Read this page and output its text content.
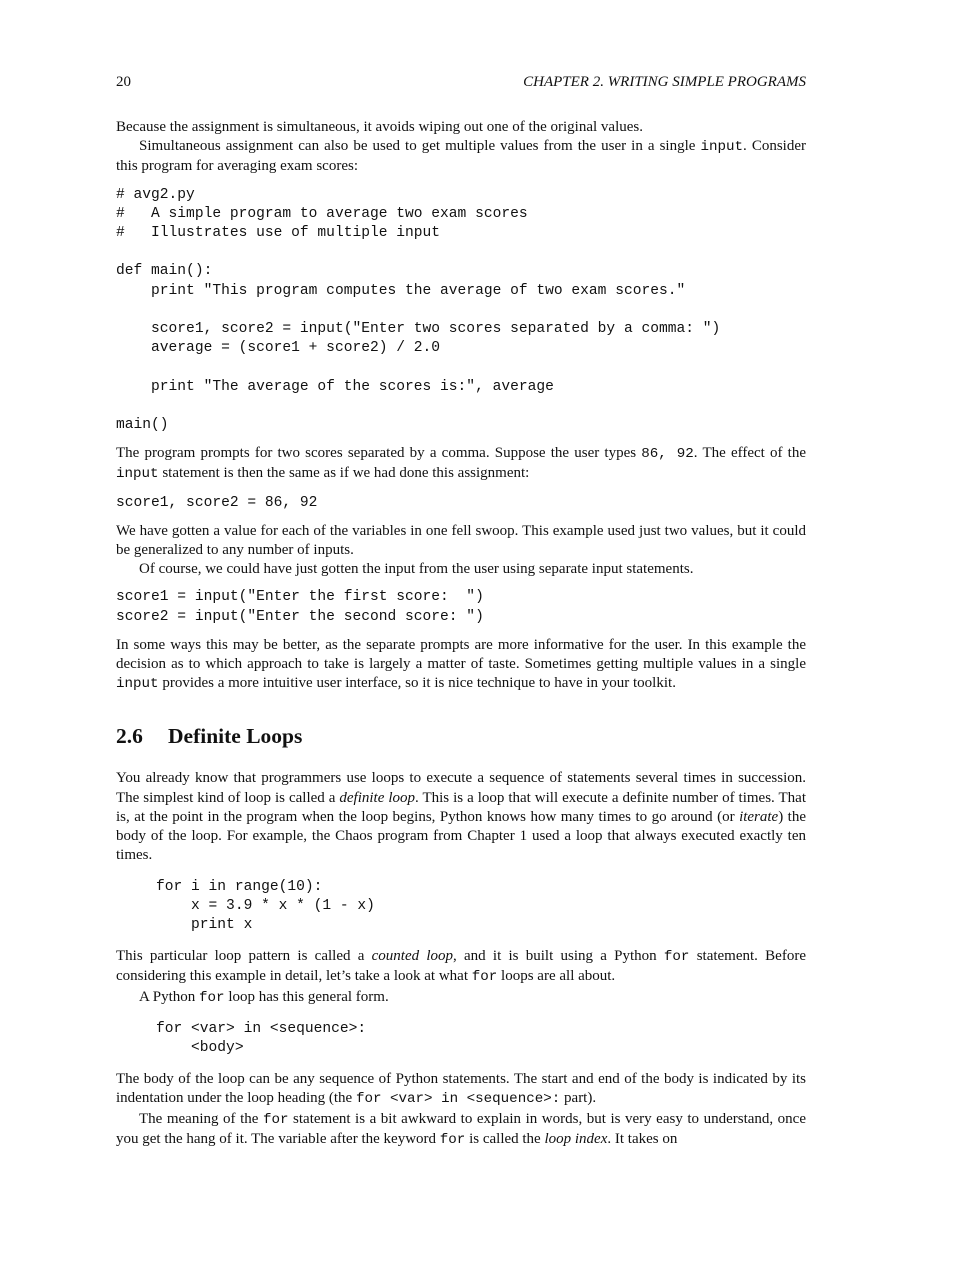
20	CHAPTER 2. WRITING SIMPLE PROGRAMS

Because the assignment is simultaneous, it avoids wiping out one of the original values.

Simultaneous assignment can also be used to get multiple values from the user in a single input. Consider this program for averaging exam scores:

# avg2.py
#   A simple program to average two exam scores
#   Illustrates use of multiple input

def main():
print "This program computes the average of two exam scores."

score1, score2 = input("Enter two scores separated by a comma: ")
average = (score1 + score2) / 2.0

print "The average of the scores is:", average

main()

The program prompts for two scores separated by a comma. Suppose the user types 86, 92. The effect of the input statement is then the same as if we had done this assignment:

score1, score2 = 86, 92

We have gotten a value for each of the variables in one fell swoop. This example used just two values, but it could be generalized to any number of inputs.

Of course, we could have just gotten the input from the user using separate input statements.

score1 = input("Enter the first score:  ")
score2 = input("Enter the second score: ")

In some ways this may be better, as the separate prompts are more informative for the user. In this example the decision as to which approach to take is largely a matter of taste. Sometimes getting multiple values in a single input provides a more intuitive user interface, so it is nice technique to have in your toolkit.

2.6 Definite Loops

You already know that programmers use loops to execute a sequence of statements several times in succession. The simplest kind of loop is called a definite loop. This is a loop that will execute a definite number of times. That is, at the point in the program when the loop begins, Python knows how many times to go around (or iterate) the body of the loop. For example, the Chaos program from Chapter 1 used a loop that always executed exactly ten times.

for i in range(10):
x = 3.9 * x * (1 - x)
print x

This particular loop pattern is called a counted loop, and it is built using a Python for statement. Before considering this example in detail, let’s take a look at what for loops are all about.

A Python for loop has this general form.

for <var> in <sequence>:
<body>

The body of the loop can be any sequence of Python statements. The start and end of the body is indicated by its indentation under the loop heading (the for <var> in <sequence>: part).

The meaning of the for statement is a bit awkward to explain in words, but is very easy to understand, once you get the hang of it. The variable after the keyword for is called the loop index. It takes on
